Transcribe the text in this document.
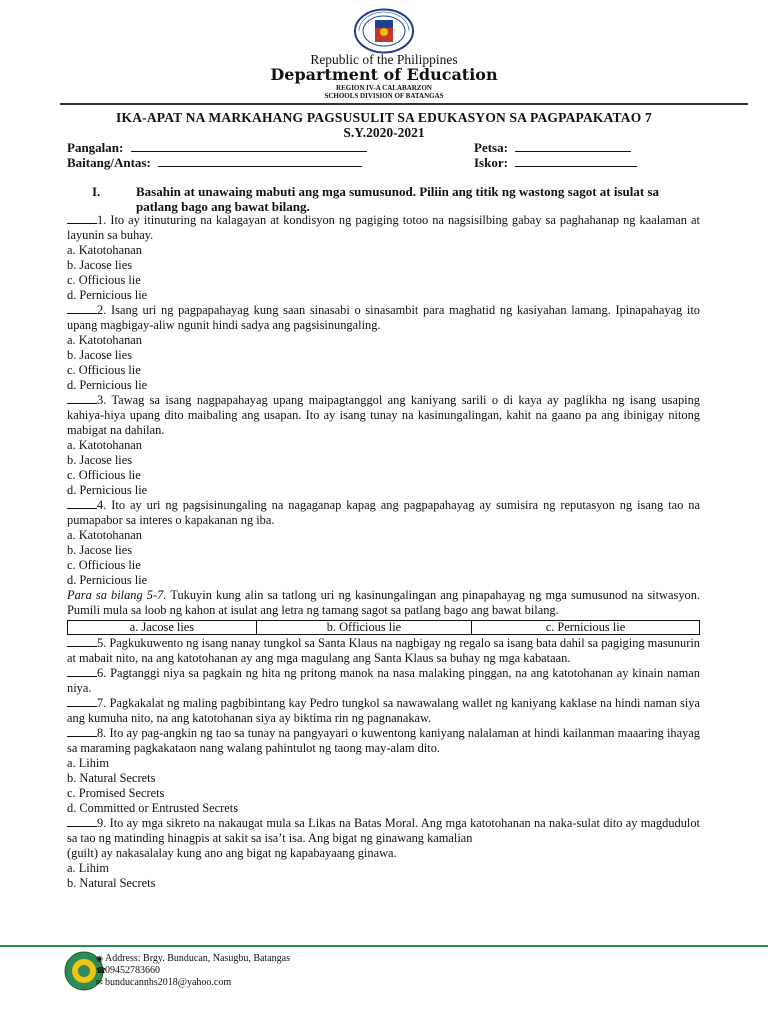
Republic of the Philippines
Department of Education
REGION IV-A CALABARZON
SCHOOLS DIVISION OF BATANGAS
IKA-APAT NA MARKAHANG PAGSUSULIT SA EDUKASYON SA PAGPAPAKATAO 7
S.Y.2020-2021
Pangalan:	Petsa:
Baitang/Antas:	Iskor:
I.	Basahin at unawaing mabuti ang mga sumusunod. Piliin ang titik ng wastong sagot at isulat sa patlang bago ang bawat bilang.

1. Ito ay itinuturing na kalagayan at kondisyon ng pagiging totoo na nagsisilbing gabay sa paghahanap ng kaalaman at layunin sa buhay.

a. Katotohanan
b. Jacose lies
c. Officious lie
d. Pernicious lie

2. Isang uri ng pagpapahayag kung saan sinasabi o sinasambit para maghatid ng kasiyahan lamang. Ipinapahayag ito upang magbigay-aliw ngunit hindi sadya ang pagsisinungaling.

a. Katotohanan
b. Jacose lies
c. Officious lie
d. Pernicious lie

3. Tawag sa isang nagpapahayag upang maipagtanggol ang kaniyang sarili o di kaya ay paglikha ng isang usaping kahiya-hiya upang dito maibaling ang usapan. Ito ay isang tunay na kasinungalingan, kahit na gaano pa ang ibinigay nitong mabigat na dahilan.

a. Katotohanan
b. Jacose lies
c. Officious lie
d. Pernicious lie

4. Ito ay uri ng pagsisinungaling na nagaganap kapag ang pagpapahayag ay sumisira ng reputasyon ng isang tao na pumapabor sa interes o kapakanan ng iba.

a. Katotohanan
b. Jacose lies
c. Officious lie
d. Pernicious lie

Para sa bilang 5-7. Tukuyin kung alin sa tatlong uri ng kasinungalingan ang pinapahayag ng mga sumusunod na sitwasyon. Pumili mula sa loob ng kahon at isulat ang letra ng tamang sagot sa patlang bago ang bawat bilang.

a. Jacose lies	b. Officious lie	c. Pernicious lie

5. Pagkukuwento ng isang nanay tungkol sa Santa Klaus na nagbigay ng regalo sa isang bata dahil sa pagiging masunurin at mabait nito, na ang katotohanan ay ang mga magulang ang Santa Klaus sa buhay ng mga kabataan.

6. Pagtanggi niya sa pagkain ng hita ng pritong manok na nasa malaking pinggan, na ang katotohanan ay kinain naman niya.

7. Pagkakalat ng maling pagbibintang kay Pedro tungkol sa nawawalang wallet ng kaniyang kaklase na hindi naman siya ang kumuha nito, na ang katotohanan siya ay biktima rin ng pagnanakaw.

8. Ito ay pag-angkin ng tao sa tunay na pangyayari o kuwentong kaniyang nalalaman at hindi kailanman maaaring ihayag sa maraming pagkakataon nang walang pahintulot ng taong may-alam dito.

a. Lihim
b. Natural Secrets
c. Promised Secrets
d. Committed or Entrusted Secrets

9. Ito ay mga sikreto na nakaugat mula sa Likas na Batas Moral. Ang mga katotohanan na naka-sulat dito ay magdudulot sa tao ng matinding hinagpis at sakit sa isa’t isa. Ang bigat ng ginawang kamalian

(guilt) ay nakasalalay kung ano ang bigat ng kapabayaang ginawa.
a. Lihim
b. Natural Secrets
◉ Address: Brgy. Bunducan, Nasugbu, Batangas
☎09452783660
✉ bunducannhs2018@yahoo.com
